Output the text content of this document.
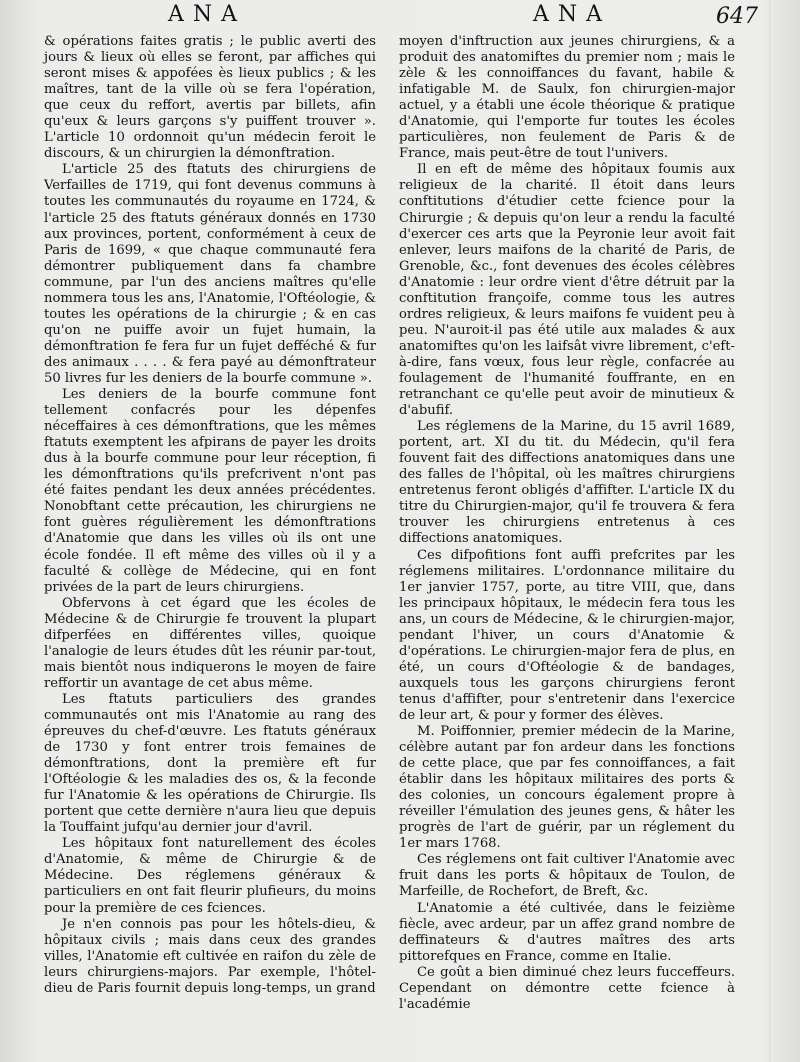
ANA	ANA	647

& opérations faites gratis ; le public averti des jours & lieux où elles se feront, par affiches qui seront mises & appofées ès lieux publics ; & les maîtres, tant de la ville où se fera l'opération, que ceux du reffort, avertis par billets, afin qu'eux & leurs garçons s'y puiffent trouver ». L'article 10 ordonnoit qu'un médecin feroit le discours, & un chirurgien la démonftration.

L'article 25 des ftatuts des chirurgiens de Verfailles de 1719, qui font devenus communs à toutes les communautés du royaume en 1724, & l'article 25 des ftatuts généraux donnés en 1730 aux provinces, portent, conformément à ceux de Paris de 1699, « que chaque communauté fera démontrer publiquement dans fa chambre commune, par l'un des anciens maîtres qu'elle nommera tous les ans, l'Anatomie, l'Oftéologie, & toutes les opérations de la chirurgie ; & en cas qu'on ne puiffe avoir un fujet humain, la démonftration fe fera fur un fujet defféché & fur des animaux . . . . & fera payé au démonftrateur 50 livres fur les deniers de la bourfe commune ».

Les deniers de la bourfe commune font tellement confacrés pour les dépenfes néceffaires à ces démonftrations, que les mêmes ftatuts exemptent les afpirans de payer les droits dus à la bourfe commune pour leur réception, fi les démonftrations qu'ils prefcrivent n'ont pas été faites pendant les deux années précédentes. Nonobftant cette précaution, les chirurgiens ne font guères régulièrement les démonftrations d'Anatomie que dans les villes où ils ont une école fondée. Il eft même des villes où il y a faculté & collège de Médecine, qui en font privées de la part de leurs chirurgiens.

Obfervons à cet égard que les écoles de Médecine & de Chirurgie fe trouvent la plupart difperfées en différentes villes, quoique l'analogie de leurs études dût les réunir par-tout, mais bientôt nous indiquerons le moyen de faire reffortir un avantage de cet abus même.

Les ftatuts particuliers des grandes communautés ont mis l'Anatomie au rang des épreuves du chef-d'œuvre. Les ftatuts généraux de 1730 y font entrer trois femaines de démonftrations, dont la première eft fur l'Oftéologie & les maladies des os, & la feconde fur l'Anatomie & les opérations de Chirurgie. Ils portent que cette dernière n'aura lieu que depuis la Touffaint jufqu'au dernier jour d'avril.

Les hôpitaux font naturellement des écoles d'Anatomie, & même de Chirurgie & de Médecine. Des réglemens généraux & particuliers en ont fait fleurir plufieurs, du moins pour la première de ces fciences.

Je n'en connois pas pour les hôtels-dieu, & hôpitaux civils ; mais dans ceux des grandes villes, l'Anatomie eft cultivée en raifon du zèle de leurs chirurgiens-majors. Par exemple, l'hôtel-dieu de Paris fournit depuis long-temps, un grand

moyen d'inftruction aux jeunes chirurgiens, & a produit des anatomiftes du premier nom ; mais le zèle & les connoiffances du favant, habile & infatigable M. de Saulx, fon chirurgien-major actuel, y a établi une école théorique & pratique d'Anatomie, qui l'emporte fur toutes les écoles particulières, non feulement de Paris & de France, mais peut-être de tout l'univers.

Il en eft de même des hôpitaux foumis aux religieux de la charité. Il étoit dans leurs conftitutions d'étudier cette fcience pour la Chirurgie ; & depuis qu'on leur a rendu la faculté d'exercer ces arts que la Peyronie leur avoit fait enlever, leurs maifons de la charité de Paris, de Grenoble, &c., font devenues des écoles célèbres d'Anatomie : leur ordre vient d'être détruit par la conftitution françoife, comme tous les autres ordres religieux, & leurs maifons fe vuident peu à peu. N'auroit-il pas été utile aux malades & aux anatomiftes qu'on les laifsât vivre librement, c'eft-à-dire, fans vœux, fous leur règle, confacrée au foulagement de l'humanité fouffrante, en en retranchant ce qu'elle peut avoir de minutieux & d'abufif.

Les réglemens de la Marine, du 15 avril 1689, portent, art. XI du tit. du Médecin, qu'il fera fouvent fait des diffections anatomiques dans une des falles de l'hôpital, où les maîtres chirurgiens entretenus feront obligés d'affifter. L'article IX du titre du Chirurgien-major, qu'il fe trouvera & fera trouver les chirurgiens entretenus à ces diffections anatomiques.

Ces difpofitions font auffi prefcrites par les réglemens militaires. L'ordonnance militaire du 1er janvier 1757, porte, au titre VIII, que, dans les principaux hôpitaux, le médecin fera tous les ans, un cours de Médecine, & le chirurgien-major, pendant l'hiver, un cours d'Anatomie & d'opérations. Le chirurgien-major fera de plus, en été, un cours d'Oftéologie & de bandages, auxquels tous les garçons chirurgiens feront tenus d'affifter, pour s'entretenir dans l'exercice de leur art, & pour y former des élèves.

M. Poiffonnier, premier médecin de la Marine, célèbre autant par fon ardeur dans les fonctions de cette place, que par fes connoiffances, a fait établir dans les hôpitaux militaires des ports & des colonies, un concours également propre à réveiller l'émulation des jeunes gens, & hâter les progrès de l'art de guérir, par un réglement du 1er mars 1768.

Ces réglemens ont fait cultiver l'Anatomie avec fruit dans les ports & hôpitaux de Toulon, de Marfeille, de Rochefort, de Breft, &c.

L'Anatomie a été cultivée, dans le feizième fiècle, avec ardeur, par un affez grand nombre de deffinateurs & d'autres maîtres des arts pittorefques en France, comme en Italie.

Ce goût a bien diminué chez leurs fucceffeurs. Cependant on démontre cette fcience à l'académie
